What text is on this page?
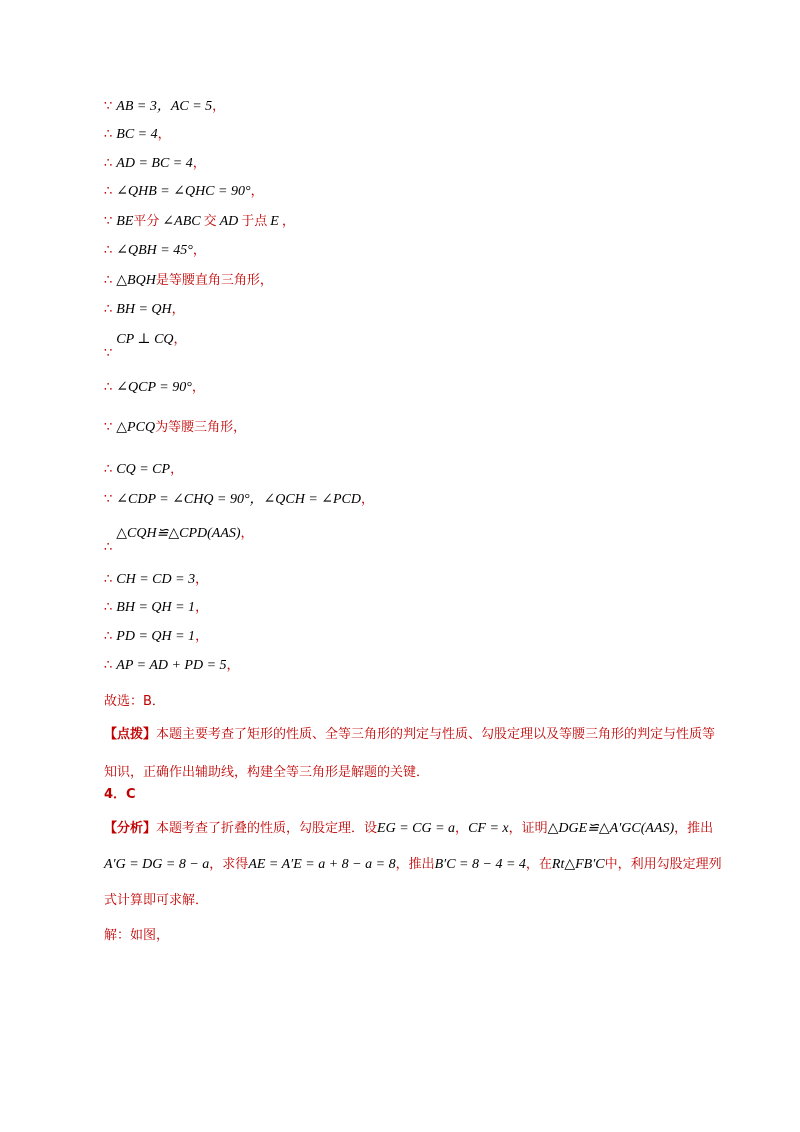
∵ AB = 3，AC = 5，
∴ BC = 4，
∴ AD = BC = 4，
∴ ∠QHB = ∠QHC = 90°，
∵ BE平分 ∠ABC 交 AD 于点 E ，
∴ ∠QBH = 45°，
∴ △BQH是等腰直角三角形，
∴ BH = QH，
∵CP ⊥ CQ，
∴ ∠QCP = 90°，
∵ △PCQ为等腰三角形，
∴ CQ = CP，
∵ ∠CDP = ∠CHQ = 90°，∠QCH = ∠PCD，
∴△CQH≌△CPD(AAS)，
∴ CH = CD = 3，
∴ BH = QH = 1，
∴ PD = QH = 1，
∴ AP = AD + PD = 5，
故选：B．
【点拨】本题主要考查了矩形的性质、全等三角形的判定与性质、勾股定理以及等腰三角形的判定与性质等知识，正确作出辅助线，构建全等三角形是解题的关键．
4．C
【分析】本题考查了折叠的性质，勾股定理．设EG = CG = a，CF = x，证明△DGE≌△A′GC(AAS)，推出A′G = DG = 8 − a，求得AE = A′E = a + 8 − a = 8，推出B′C = 8 − 4 = 4，在Rt△FB′C中，利用勾股定理列式计算即可求解．
解：如图，
